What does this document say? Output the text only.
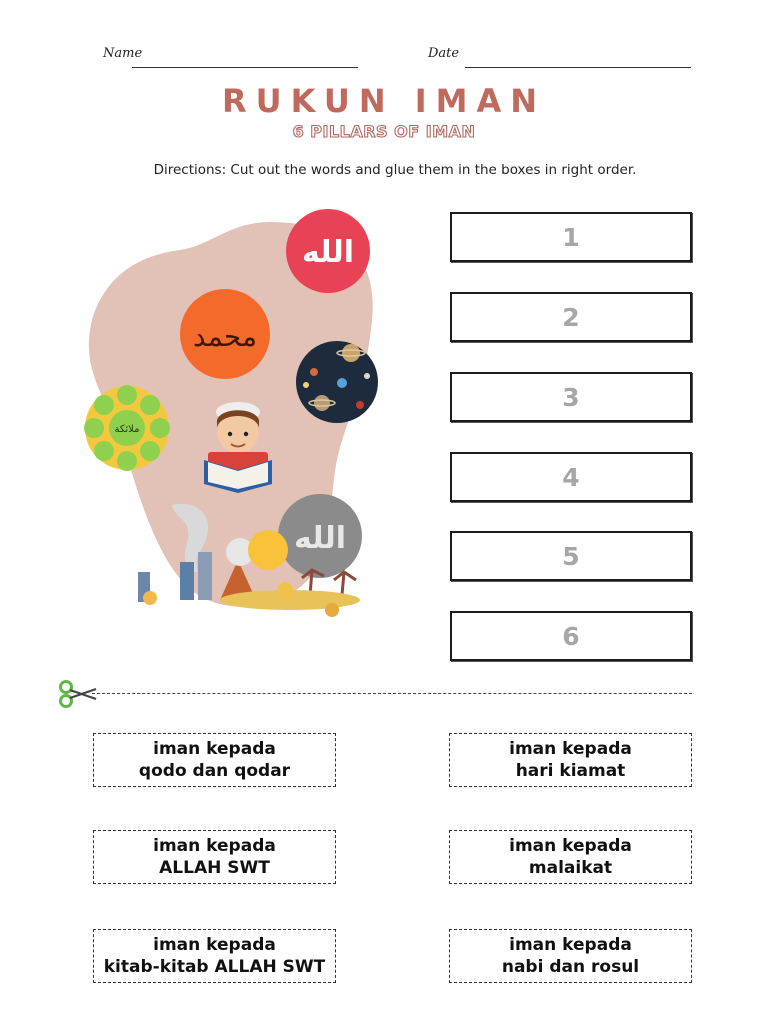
Name	Date
RUKUN IMAN
6 PILLARS OF IMAN
Directions: Cut out the words and glue them in the boxes in right order.
الله
محمد
ملائكة
الله
1
2
3
4
5
6
iman kepada
qodo dan qodar
iman kepada
hari kiamat
iman kepada
ALLAH SWT
iman kepada
malaikat
iman kepada
kitab-kitab ALLAH SWT
iman kepada
nabi dan rosul
